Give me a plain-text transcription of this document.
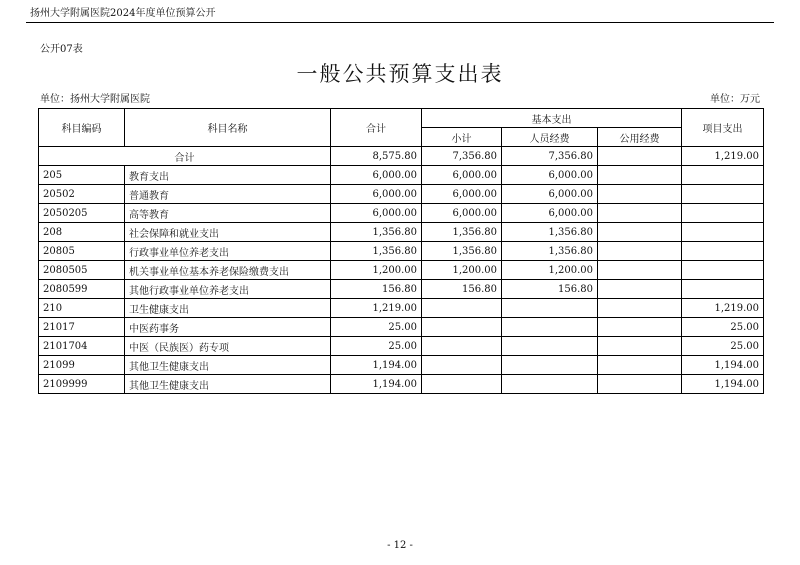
扬州大学附属医院2024年度单位预算公开
公开07表
一般公共预算支出表
单位：扬州大学附属医院	单位：万元
科目编码	科目名称	合计	基本支出			项目支出
			小计	人员经费	公用经费	
合计		8,575.80	7,356.80	7,356.80		1,219.00
205	教育支出	6,000.00	6,000.00	6,000.00		
20502	普通教育	6,000.00	6,000.00	6,000.00		
2050205	高等教育	6,000.00	6,000.00	6,000.00		
208	社会保障和就业支出	1,356.80	1,356.80	1,356.80		
20805	行政事业单位养老支出	1,356.80	1,356.80	1,356.80		
2080505	机关事业单位基本养老保险缴费支出	1,200.00	1,200.00	1,200.00		
2080599	其他行政事业单位养老支出	156.80	156.80	156.80		
210	卫生健康支出	1,219.00				1,219.00
21017	中医药事务	25.00				25.00
2101704	中医（民族医）药专项	25.00				25.00
21099	其他卫生健康支出	1,194.00				1,194.00
2109999	其他卫生健康支出	1,194.00				1,194.00
- 12 -
